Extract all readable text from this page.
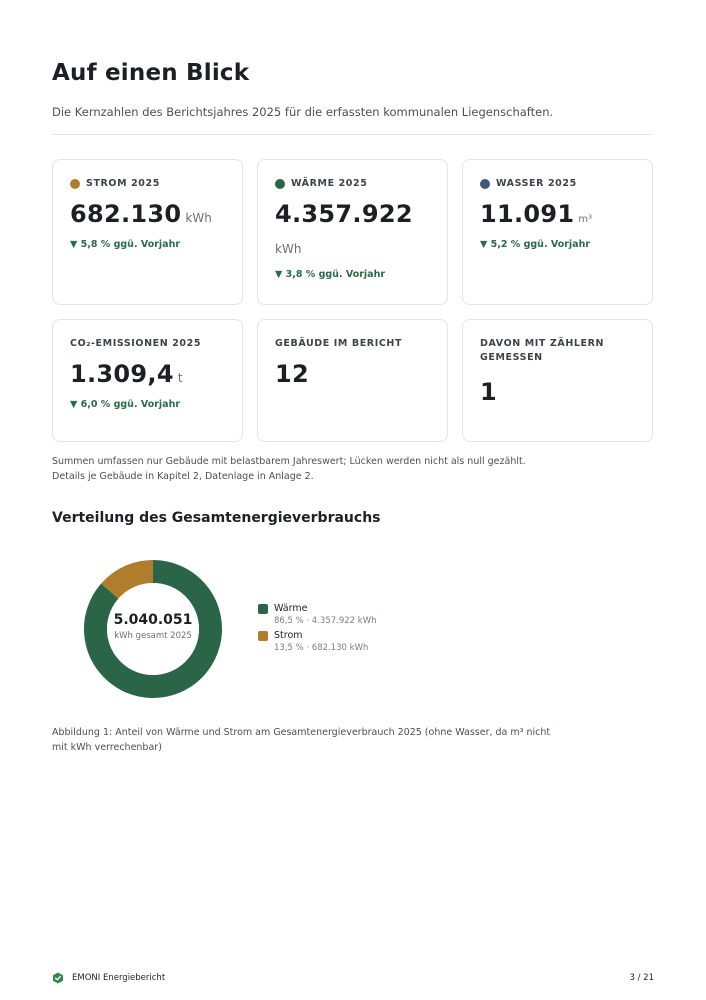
Auf einen Blick

Die Kernzahlen des Berichtsjahres 2025 für die erfassten kommunalen Liegenschaften.

STROM 2025
682.130 kWh
▼ 5,8 % ggü. Vorjahr
WÄRME 2025
4.357.922
kWh
▼ 3,8 % ggü. Vorjahr
WASSER 2025
11.091 m³
▼ 5,2 % ggü. Vorjahr
CO₂-EMISSIONEN 2025
1.309,4 t
▼ 6,0 % ggü. Vorjahr
GEBÄUDE IM BERICHT
12
DAVON MIT ZÄHLERN GEMESSEN
1

Summen umfassen nur Gebäude mit belastbarem Jahreswert; Lücken werden nicht als null gezählt.
Details je Gebäude in Kapitel 2, Datenlage in Anlage 2.

Verteilung des Gesamtenergieverbrauchs
5.040.051
kWh gesamt 2025
Wärme
86,5 % · 4.357.922 kWh
Strom
13,5 % · 682.130 kWh

Abbildung 1: Anteil von Wärme und Strom am Gesamtenergieverbrauch 2025 (ohne Wasser, da m³ nicht
mit kWh verrechenbar)

EMONI Energiebericht	3 / 21
